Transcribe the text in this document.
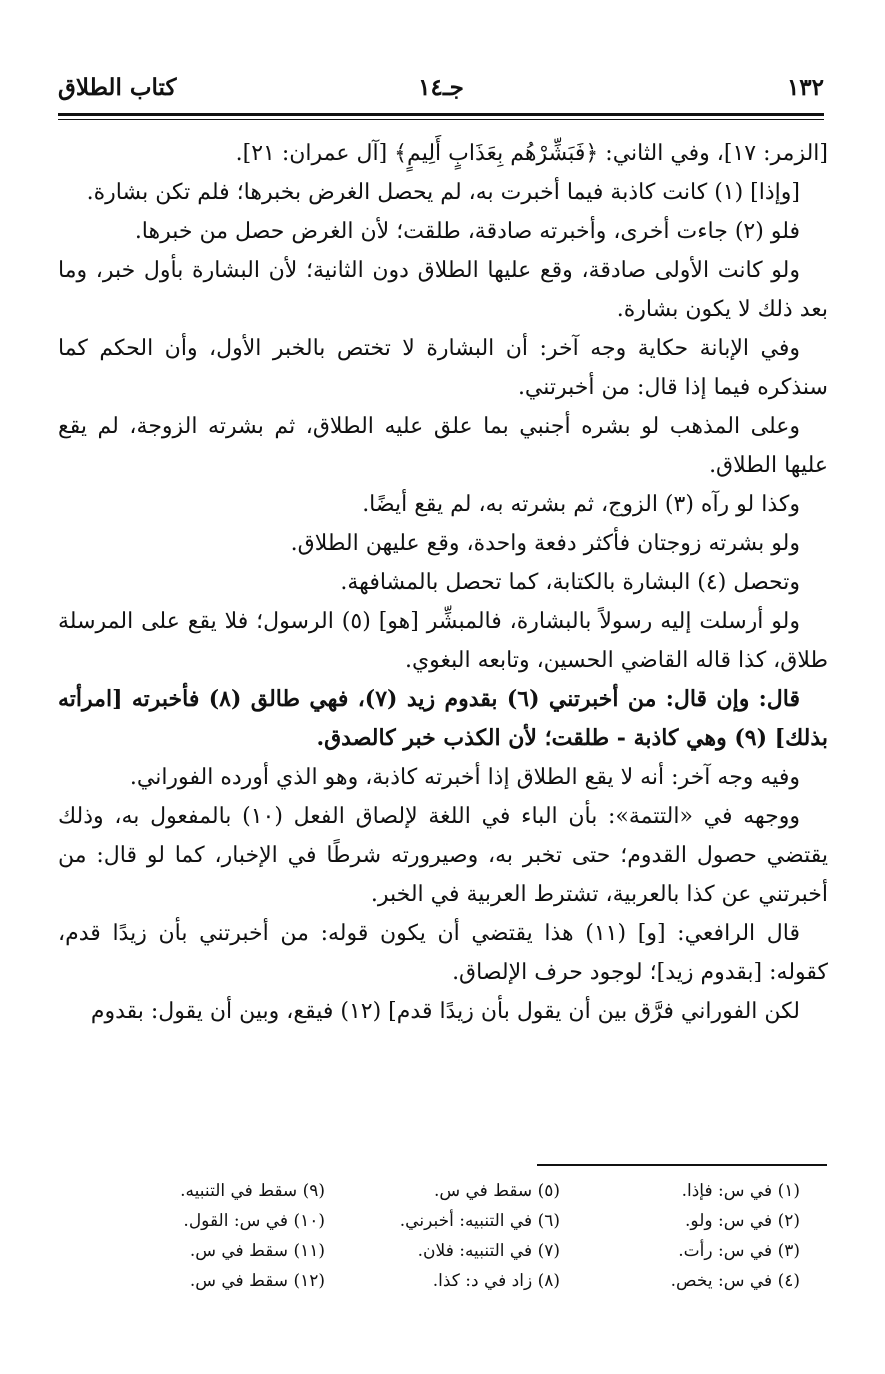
١٣٢
جـ١٤
كتاب الطلاق

[الزمر: ١٧]، وفي الثاني: ﴿فَبَشِّرْهُم بِعَذَابٍ أَلِيمٍ﴾ [آل عمران: ٢١].

[وإذا] (١) كانت كاذبة فيما أخبرت به، لم يحصل الغرض بخبرها؛ فلم تكن بشارة.

فلو (٢) جاءت أخرى، وأخبرته صادقة، طلقت؛ لأن الغرض حصل من خبرها.

ولو كانت الأولى صادقة، وقع عليها الطلاق دون الثانية؛ لأن البشارة بأول خبر، وما بعد ذلك لا يكون بشارة.

وفي الإبانة حكاية وجه آخر: أن البشارة لا تختص بالخبر الأول، وأن الحكم كما سنذكره فيما إذا قال: من أخبرتني.

وعلى المذهب لو بشره أجنبي بما علق عليه الطلاق، ثم بشرته الزوجة، لم يقع عليها الطلاق.

وكذا لو رآه (٣) الزوج، ثم بشرته به، لم يقع أيضًا.

ولو بشرته زوجتان فأكثر دفعة واحدة، وقع عليهن الطلاق.

وتحصل (٤) البشارة بالكتابة، كما تحصل بالمشافهة.

ولو أرسلت إليه رسولاً بالبشارة، فالمبشِّر [هو] (٥) الرسول؛ فلا يقع على المرسلة طلاق، كذا قاله القاضي الحسين، وتابعه البغوي.

قال: وإن قال: من أخبرتني (٦) بقدوم زيد (٧)، فهي طالق (٨) فأخبرته [امرأته بذلك] (٩) وهي كاذبة - طلقت؛ لأن الكذب خبر كالصدق.

وفيه وجه آخر: أنه لا يقع الطلاق إذا أخبرته كاذبة، وهو الذي أورده الفوراني.

ووجهه في «التتمة»: بأن الباء في اللغة لإلصاق الفعل (١٠) بالمفعول به، وذلك يقتضي حصول القدوم؛ حتى تخبر به، وصيرورته شرطًا في الإخبار، كما لو قال: من أخبرتني عن كذا بالعربية، تشترط العربية في الخبر.

قال الرافعي: [و] (١١) هذا يقتضي أن يكون قوله: من أخبرتني بأن زيدًا قدم، كقوله: [بقدوم زيد]؛ لوجود حرف الإلصاق.

لكن الفوراني فرَّق بين أن يقول بأن زيدًا قدم] (١٢) فيقع، وبين أن يقول: بقدوم

(١) في س: فإذا.
(٢) في س: ولو.
(٣) في س: رأت.
(٤) في س: يخص.
(٥) سقط في س.
(٦) في التنبيه: أخبرني.
(٧) في التنبيه: فلان.
(٨) زاد في د: كذا.
(٩) سقط في التنبيه.
(١٠) في س: القول.
(١١) سقط في س.
(١٢) سقط في س.
